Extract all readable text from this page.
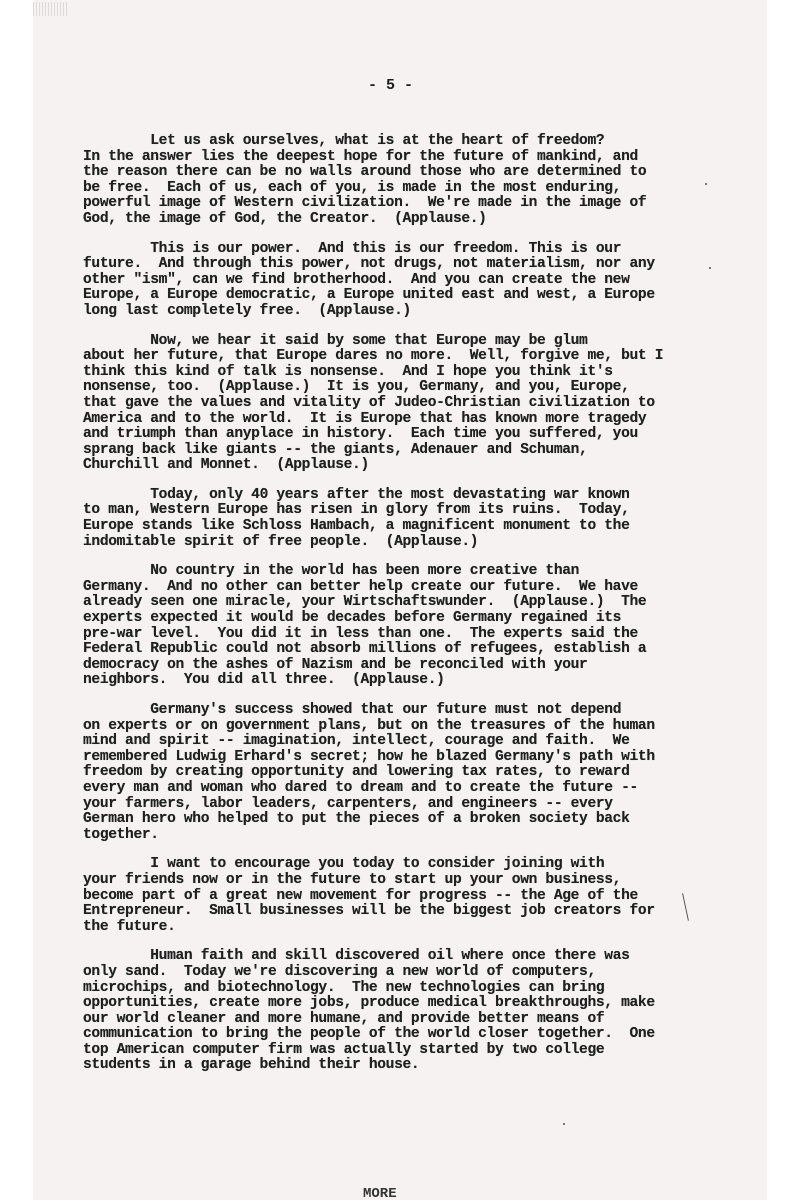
- 5 -

Let us ask ourselves, what is at the heart of freedom?
In the answer lies the deepest hope for the future of mankind, and
the reason there can be no walls around those who are determined to
be free.  Each of us, each of you, is made in the most enduring,
powerful image of Western civilization.  We're made in the image of
God, the image of God, the Creator.  (Applause.)

This is our power.  And this is our freedom. This is our
future.  And through this power, not drugs, not materialism, nor any
other "ism", can we find brotherhood.  And you can create the new
Europe, a Europe democratic, a Europe united east and west, a Europe
long last completely free.  (Applause.)

Now, we hear it said by some that Europe may be glum
about her future, that Europe dares no more.  Well, forgive me, but I
think this kind of talk is nonsense.  And I hope you think it's
nonsense, too.  (Applause.)  It is you, Germany, and you, Europe,
that gave the values and vitality of Judeo-Christian civilization to
America and to the world.  It is Europe that has known more tragedy
and triumph than anyplace in history.  Each time you suffered, you
sprang back like giants -- the giants, Adenauer and Schuman,
Churchill and Monnet.  (Applause.)

Today, only 40 years after the most devastating war known
to man, Western Europe has risen in glory from its ruins.  Today,
Europe stands like Schloss Hambach, a magnificent monument to the
indomitable spirit of free people.  (Applause.)

No country in the world has been more creative than
Germany.  And no other can better help create our future.  We have
already seen one miracle, your Wirtschaftswunder.  (Applause.)  The
experts expected it would be decades before Germany regained its
pre-war level.  You did it in less than one.  The experts said the
Federal Republic could not absorb millions of refugees, establish a
democracy on the ashes of Nazism and be reconciled with your
neighbors.  You did all three.  (Applause.)

Germany's success showed that our future must not depend
on experts or on government plans, but on the treasures of the human
mind and spirit -- imagination, intellect, courage and faith.  We
remembered Ludwig Erhard's secret; how he blazed Germany's path with
freedom by creating opportunity and lowering tax rates, to reward
every man and woman who dared to dream and to create the future --
your farmers, labor leaders, carpenters, and engineers -- every
German hero who helped to put the pieces of a broken society back
together.

I want to encourage you today to consider joining with
your friends now or in the future to start up your own business,
become part of a great new movement for progress -- the Age of the
Entrepreneur.  Small businesses will be the biggest job creators for
the future.

Human faith and skill discovered oil where once there was
only sand.  Today we're discovering a new world of computers,
microchips, and biotechnology.  The new technologies can bring
opportunities, create more jobs, produce medical breakthroughs, make
our world cleaner and more humane, and provide better means of
communication to bring the people of the world closer together.  One
top American computer firm was actually started by two college
students in a garage behind their house.

MORE
